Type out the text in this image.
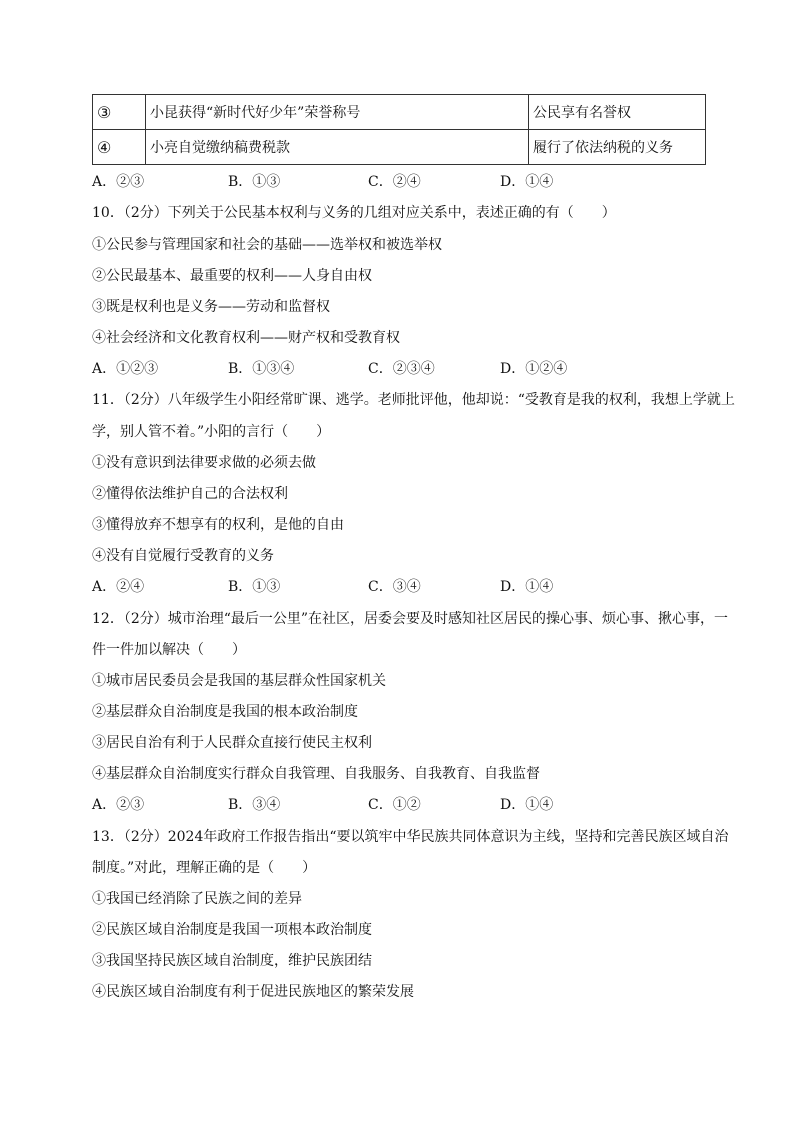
③	小昆获得“新时代好少年”荣誉称号	公民享有名誉权
④	小亮自觉缴纳稿费税款	履行了依法纳税的义务
A．②③	B．①③	C．②④	D．①④
10．（2分）下列关于公民基本权利与义务的几组对应关系中，表述正确的有（　　）
①公民参与管理国家和社会的基础——选举权和被选举权
②公民最基本、最重要的权利——人身自由权
③既是权利也是义务——劳动和监督权
④社会经济和文化教育权利——财产权和受教育权
A．①②③	B．①③④	C．②③④	D．①②④
11．（2分）八年级学生小阳经常旷课、逃学。老师批评他，他却说：“受教育是我的权利，我想上学就上
学，别人管不着。”小阳的言行（　　）
①没有意识到法律要求做的必须去做
②懂得依法维护自己的合法权利
③懂得放弃不想享有的权利，是他的自由
④没有自觉履行受教育的义务
A．②④	B．①③	C．③④	D．①④
12．（2分）城市治理“最后一公里”在社区，居委会要及时感知社区居民的操心事、烦心事、揪心事，一
件一件加以解决（　　）
①城市居民委员会是我国的基层群众性国家机关
②基层群众自治制度是我国的根本政治制度
③居民自治有利于人民群众直接行使民主权利
④基层群众自治制度实行群众自我管理、自我服务、自我教育、自我监督
A．②③	B．③④	C．①②	D．①④
13．（2分）2024年政府工作报告指出“要以筑牢中华民族共同体意识为主线，坚持和完善民族区域自治
制度。”对此，理解正确的是（　　）
①我国已经消除了民族之间的差异
②民族区域自治制度是我国一项根本政治制度
③我国坚持民族区域自治制度，维护民族团结
④民族区域自治制度有利于促进民族地区的繁荣发展
